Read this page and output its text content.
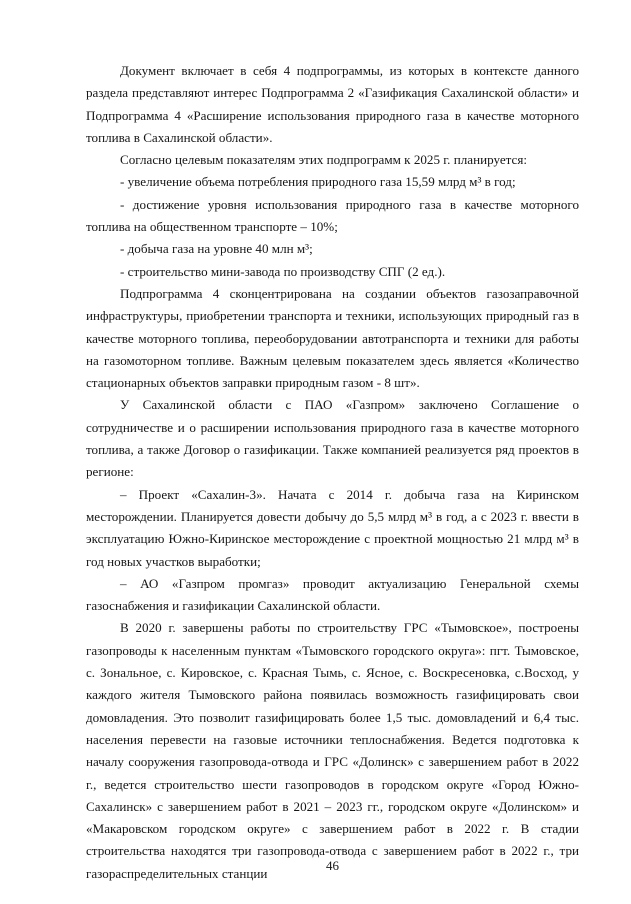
Документ включает в себя 4 подпрограммы, из которых в контексте данного раздела представляют интерес Подпрограмма 2 «Газификация Сахалинской области» и Подпрограмма 4 «Расширение использования природного газа в качестве моторного топлива в Сахалинской области».

Согласно целевым показателям этих подпрограмм к 2025 г. планируется:

- увеличение объема потребления природного газа 15,59 млрд м³ в год;

- достижение уровня использования природного газа в качестве моторного топлива на общественном транспорте – 10%;

- добыча газа на уровне 40 млн м³;

- строительство мини-завода по производству СПГ (2 ед.).

Подпрограмма 4 сконцентрирована на создании объектов газозаправочной инфраструктуры, приобретении транспорта и техники, использующих природный газ в качестве моторного топлива, переоборудовании автотранспорта и техники для работы на газомоторном топливе. Важным целевым показателем здесь является «Количество стационарных объектов заправки природным газом - 8 шт».

У Сахалинской области с ПАО «Газпром» заключено Соглашение о сотрудничестве и о расширении использования природного газа в качестве моторного топлива, а также Договор о газификации. Также компанией реализуется ряд проектов в регионе:

– Проект «Сахалин-3». Начата с 2014 г. добыча газа на Киринском месторождении. Планируется довести добычу до 5,5 млрд м³ в год, а с 2023 г. ввести в эксплуатацию Южно-Киринское месторождение с проектной мощностью 21 млрд м³ в год новых участков выработки;

– АО «Газпром промгаз» проводит актуализацию Генеральной схемы газоснабжения и газификации Сахалинской области.

В 2020 г. завершены работы по строительству ГРС «Тымовское», построены газопроводы к населенным пунктам «Тымовского городского округа»: пгт. Тымовское, с. Зональное, с. Кировское, с. Красная Тымь, с. Ясное, с. Воскресеновка, с.Восход, у каждого жителя Тымовского района появилась возможность газифицировать свои домовладения. Это позволит газифицировать более 1,5 тыс. домовладений и 6,4 тыс. населения перевести на газовые источники теплоснабжения. Ведется подготовка к началу сооружения газопровода-отвода и ГРС «Долинск» с завершением работ в 2022 г., ведется строительство шести газопроводов в городском округе «Город Южно-Сахалинск» с завершением работ в 2021 – 2023 гг., городском округе «Долинском» и «Макаровском городском округе» с завершением работ в 2022 г. В стадии строительства находятся три газопровода-отвода с завершением работ в 2022 г., три газораспределительных станции

46
